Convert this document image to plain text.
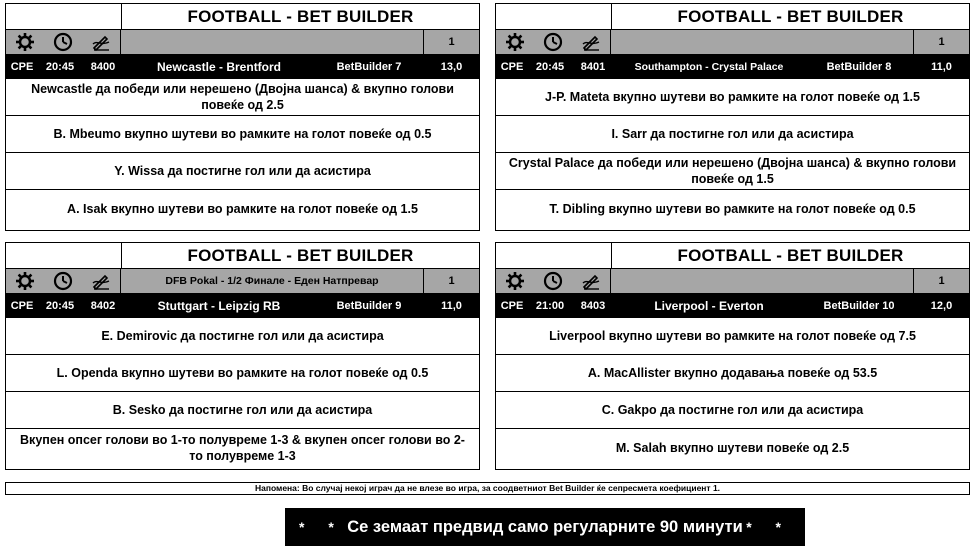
FOOTBALL - BET BUILDER
1
СРЕ	20:45	8400	Newcastle - Brentford	BetBuilder 7	13,0
Newcastle да победи или нерешено (Двојна шанса) & вкупно голови повеќе од 2.5
B. Mbeumo вкупно шутеви во рамките на голот повеќе од 0.5
Y. Wissa да постигне гол или да асистира
A. Isak вкупно шутеви во рамките на голот повеќе од 1.5
FOOTBALL - BET BUILDER
1
СРЕ	20:45	8401	Southampton - Crystal Palace	BetBuilder 8	11,0
J-P. Mateta вкупно шутеви во рамките на голот повеќе од 1.5
I. Sarr да постигне гол или да асистира
Crystal Palace да победи или нерешено (Двојна шанса) & вкупно голови повеќе од 1.5
T. Dibling вкупно шутеви во рамките на голот повеќе од 0.5
FOOTBALL - BET BUILDER
DFB Pokal - 1/2 Финале - Еден Натпревар	1
СРЕ	20:45	8402	Stuttgart - Leipzig RB	BetBuilder 9	11,0
E. Demirovic да постигне гол или да асистира
L. Openda вкупно шутеви во рамките на голот повеќе од 0.5
B. Sesko да постигне гол или да асистира
Вкупен опсег голови во 1-то полувреме 1-3 & вкупен опсег голови во 2-то полувреме 1-3
FOOTBALL - BET BUILDER
1
СРЕ	21:00	8403	Liverpool - Everton	BetBuilder 10	12,0
Liverpool вкупно шутеви во рамките на голот повеќе од 7.5
A. MacAllister вкупно додавања повеќе од 53.5
C. Gakpo да постигне гол или да асистира
M. Salah вкупно шутеви повеќе од 2.5
Напомена: Во случај некој играч да не влезе во игра, за соодветниот Bet Builder ќе сепресмета коефициент 1.
* * Се земаат предвид само регуларните 90 минути * *
